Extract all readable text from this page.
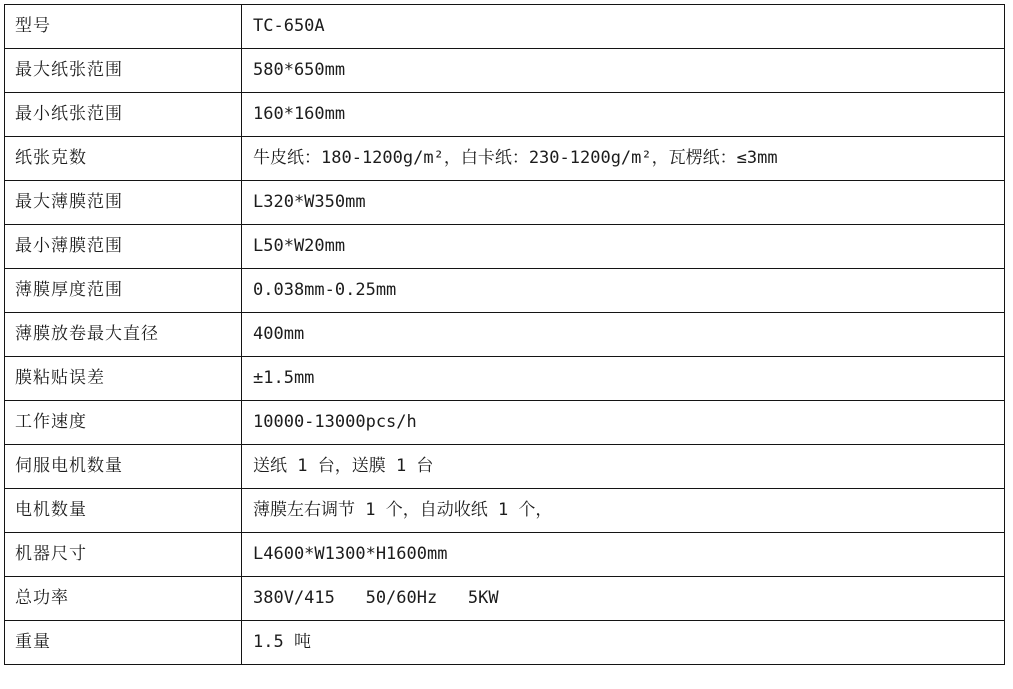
型号	TC-650A
最大纸张范围	580*650mm
最小纸张范围	160*160mm
纸张克数	牛皮纸：180-1200g/m²，白卡纸：230-1200g/m²，瓦楞纸：≤3mm
最大薄膜范围	L320*W350mm
最小薄膜范围	L50*W20mm
薄膜厚度范围	0.038mm-0.25mm
薄膜放卷最大直径	400mm
膜粘贴误差	±1.5mm
工作速度	10000-13000pcs/h
伺服电机数量	送纸 1 台，送膜 1 台
电机数量	薄膜左右调节 1 个，自动收纸 1 个，
机器尺寸	L4600*W1300*H1600mm
总功率	380V/415   50/60Hz   5KW
重量	1.5 吨
